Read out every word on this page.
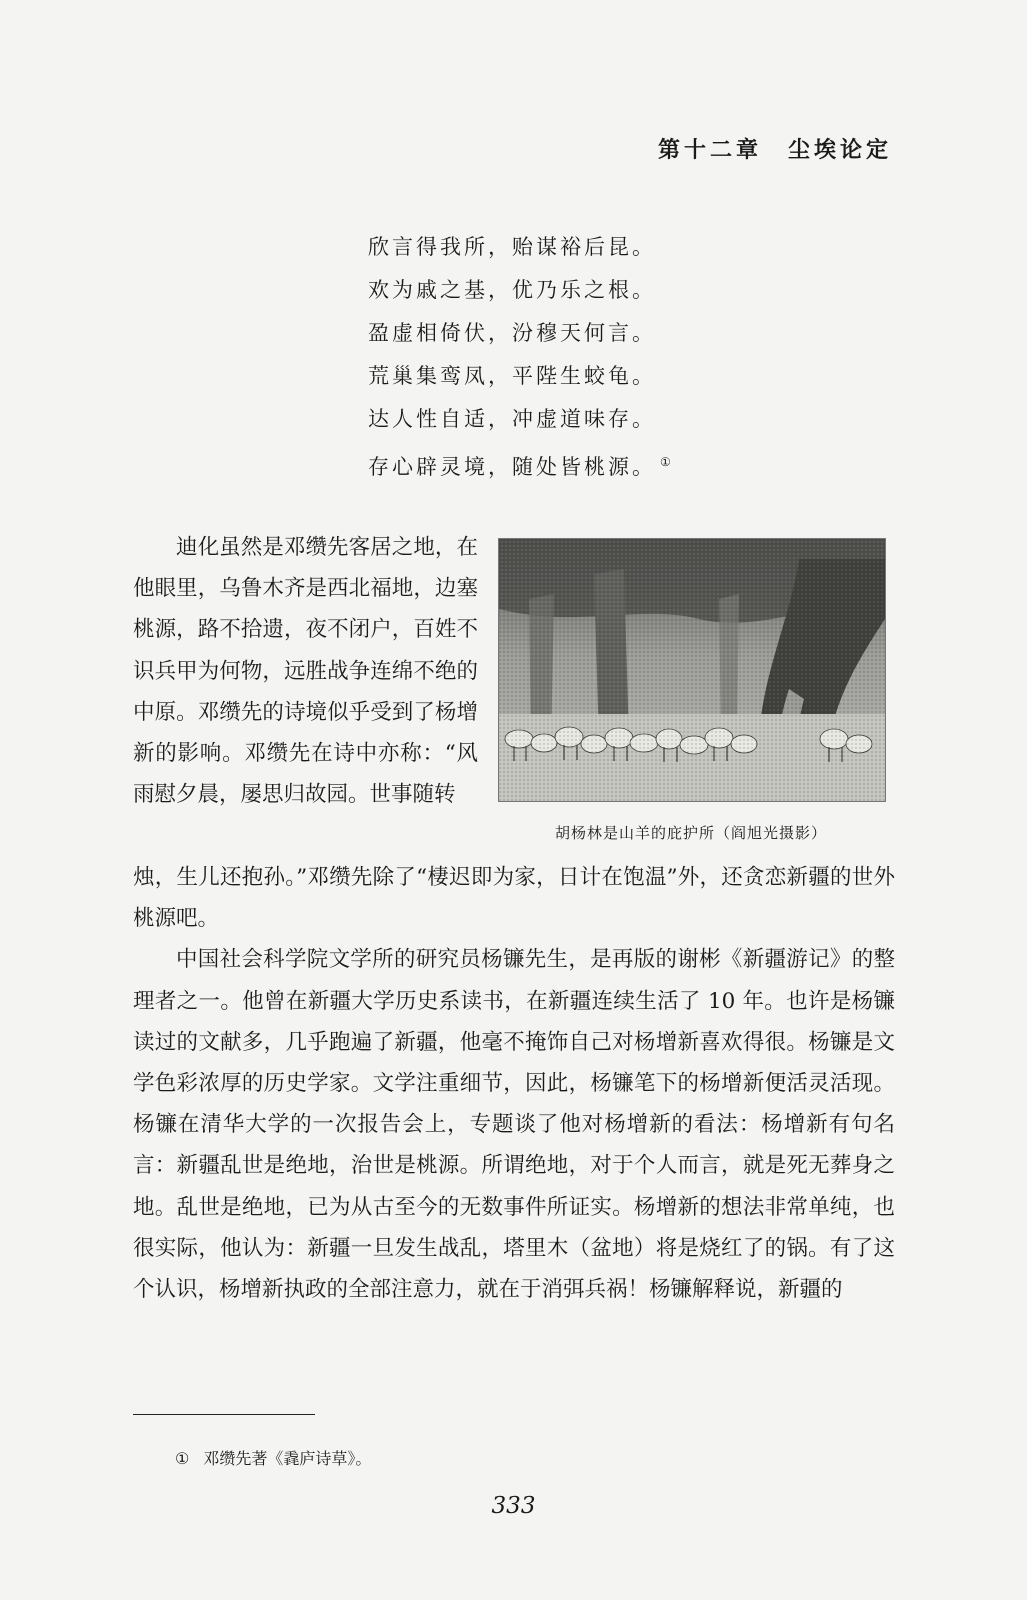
第十二章 尘埃论定
欣言得我所，贻谋裕后昆。
欢为戚之基，优乃乐之根。
盈虚相倚伏，汾穆天何言。
荒巢集鸾凤，平陛生蛟龟。
达人性自适，冲虚道味存。
存心辟灵境，随处皆桃源。 ①
胡杨林是山羊的庇护所（阎旭光摄影）

迪化虽然是邓缵先客居之地，在他眼里，乌鲁木齐是西北福地，边塞桃源，路不拾遗，夜不闭户，百姓不识兵甲为何物，远胜战争连绵不绝的中原。邓缵先的诗境似乎受到了杨增新的影响。邓缵先在诗中亦称：“风雨慰夕晨，屡思归故园。世事随转

烛，生儿还抱孙。”邓缵先除了“棲迟即为家，日计在饱温”外，还贪恋新疆的世外桃源吧。

中国社会科学院文学所的研究员杨镰先生，是再版的谢彬《新疆游记》的整理者之一。他曾在新疆大学历史系读书，在新疆连续生活了 10 年。也许是杨镰读过的文献多，几乎跑遍了新疆，他毫不掩饰自己对杨增新喜欢得很。杨镰是文学色彩浓厚的历史学家。文学注重细节，因此，杨镰笔下的杨增新便活灵活现。杨镰在清华大学的一次报告会上，专题谈了他对杨增新的看法：杨增新有句名言：新疆乱世是绝地，治世是桃源。所谓绝地，对于个人而言，就是死无葬身之地。乱世是绝地，已为从古至今的无数事件所证实。杨增新的想法非常单纯，也很实际，他认为：新疆一旦发生战乱，塔里木（盆地）将是烧红了的锅。有了这个认识，杨增新执政的全部注意力，就在于消弭兵祸！杨镰解释说，新疆的

① 邓缵先著《毳庐诗草》。
333
